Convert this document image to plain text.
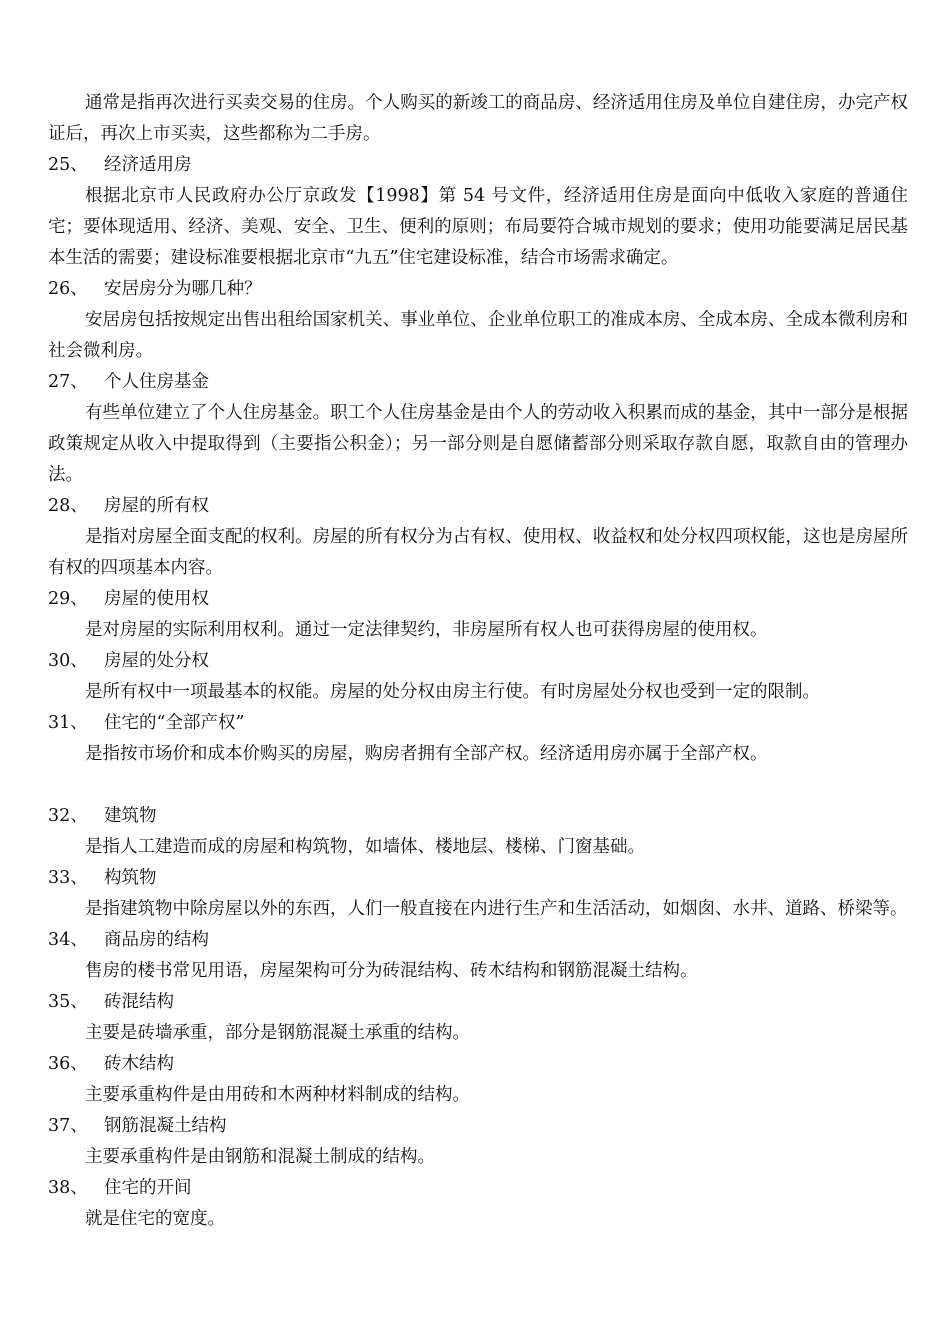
通常是指再次进行买卖交易的住房。个人购买的新竣工的商品房、经济适用住房及单位自建住房，办完产权证后，再次上市买卖，这些都称为二手房。

25、 经济适用房

根据北京市人民政府办公厅京政发【1998】第 54 号文件，经济适用住房是面向中低收入家庭的普通住宅；要体现适用、经济、美观、安全、卫生、便利的原则；布局要符合城市规划的要求；使用功能要满足居民基本生活的需要；建设标准要根据北京市“九五”住宅建设标准，结合市场需求确定。

26、 安居房分为哪几种？

安居房包括按规定出售出租给国家机关、事业单位、企业单位职工的准成本房、全成本房、全成本微利房和社会微利房。

27、 个人住房基金

有些单位建立了个人住房基金。职工个人住房基金是由个人的劳动收入积累而成的基金，其中一部分是根据政策规定从收入中提取得到（主要指公积金）；另一部分则是自愿储蓄部分则采取存款自愿，取款自由的管理办法。

28、 房屋的所有权

是指对房屋全面支配的权利。房屋的所有权分为占有权、使用权、收益权和处分权四项权能，这也是房屋所有权的四项基本内容。

29、 房屋的使用权

是对房屋的实际利用权利。通过一定法律契约，非房屋所有权人也可获得房屋的使用权。

30、 房屋的处分权

是所有权中一项最基本的权能。房屋的处分权由房主行使。有时房屋处分权也受到一定的限制。

31、 住宅的“全部产权”

是指按市场价和成本价购买的房屋，购房者拥有全部产权。经济适用房亦属于全部产权。

32、 建筑物

是指人工建造而成的房屋和构筑物，如墙体、楼地层、楼梯、门窗基础。

33、 构筑物

是指建筑物中除房屋以外的东西，人们一般直接在内进行生产和生活活动，如烟囱、水井、道路、桥梁等。

34、 商品房的结构

售房的楼书常见用语，房屋架构可分为砖混结构、砖木结构和钢筋混凝土结构。

35、 砖混结构

主要是砖墙承重，部分是钢筋混凝土承重的结构。

36、 砖木结构

主要承重构件是由用砖和木两种材料制成的结构。

37、 钢筋混凝土结构

主要承重构件是由钢筋和混凝土制成的结构。

38、 住宅的开间

就是住宅的宽度。
